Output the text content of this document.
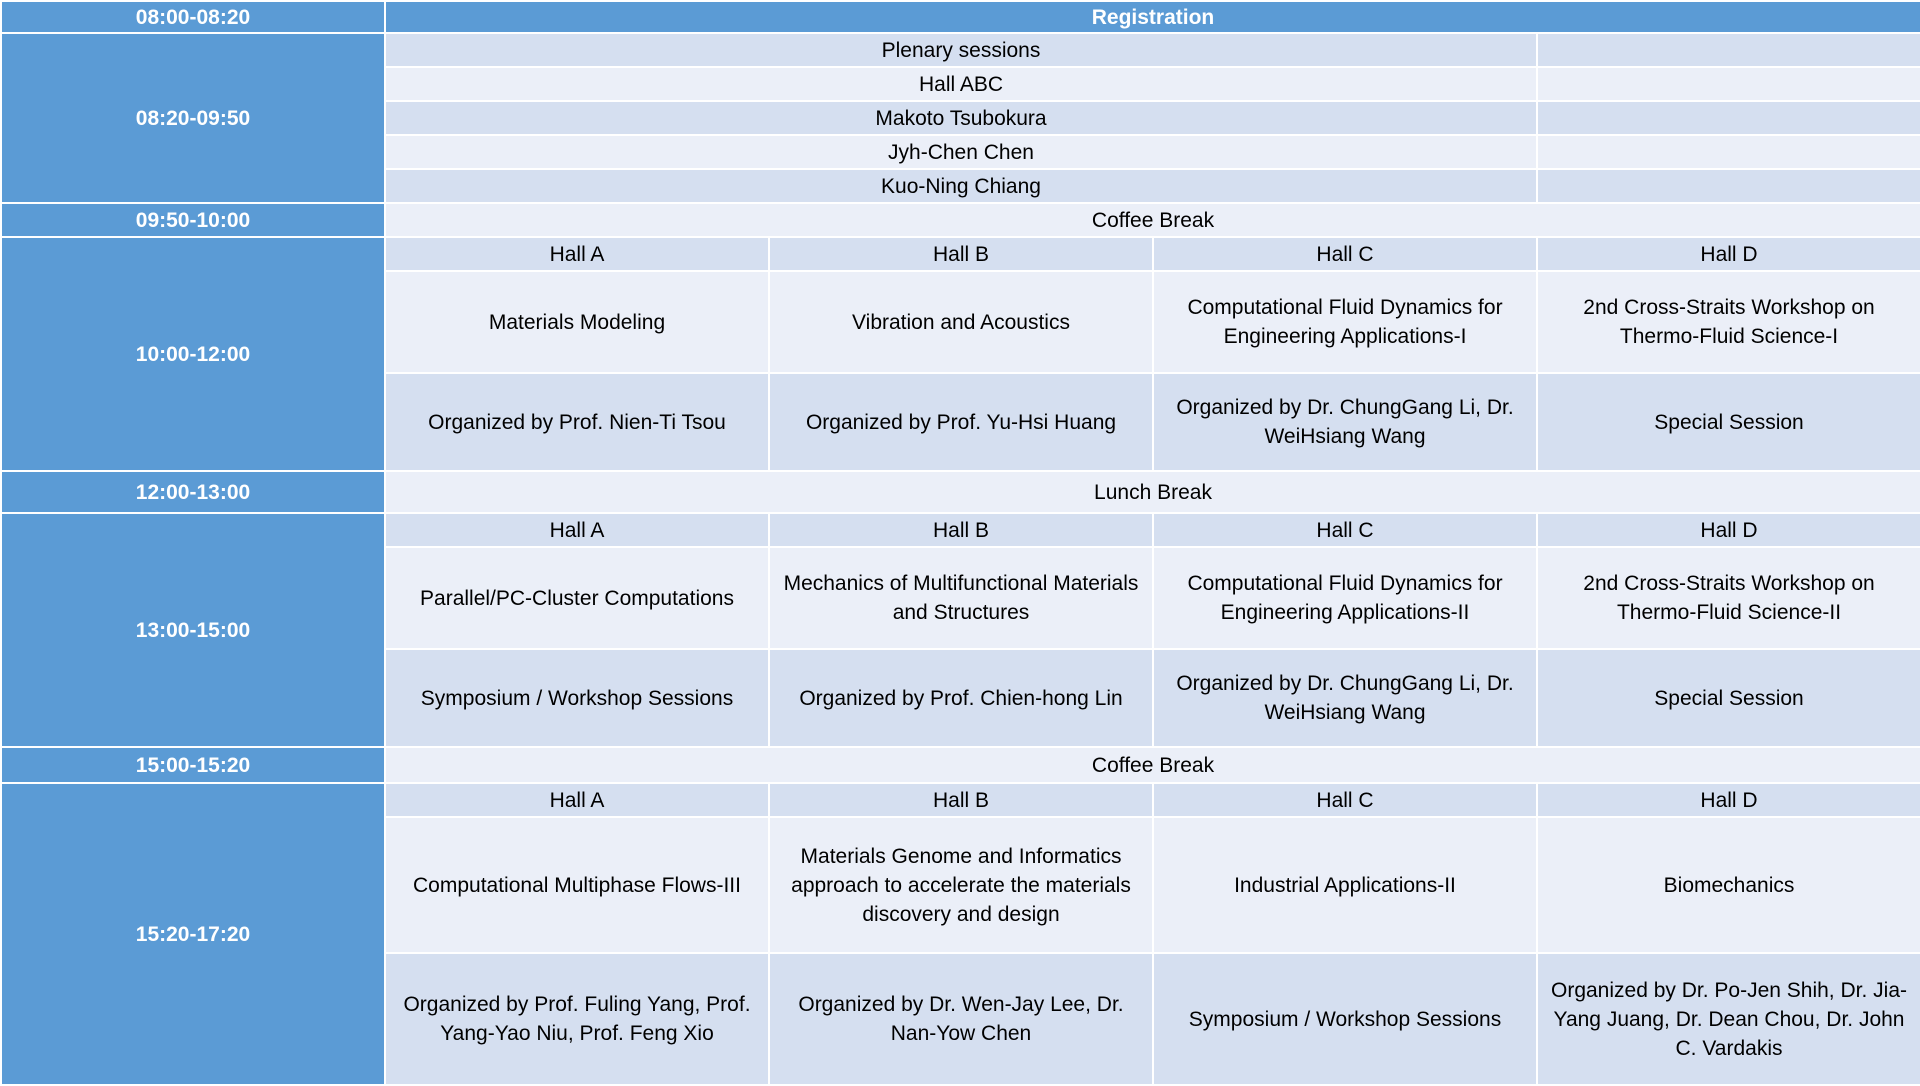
08:00-08:20	Registration			
08:20-09:50	Plenary sessions			
	Hall ABC			
	Makoto Tsubokura			
	Jyh-Chen Chen			
	Kuo-Ning Chiang			
09:50-10:00	Coffee Break			
10:00-12:00	Hall A	Hall B	Hall C	Hall D
	Materials Modeling	Vibration and Acoustics	Computational Fluid Dynamics for Engineering Applications-I	2nd Cross-Straits Workshop on Thermo-Fluid Science-I
	Organized by Prof. Nien-Ti Tsou	Organized by Prof. Yu-Hsi Huang	Organized by Dr. ChungGang Li, Dr. WeiHsiang Wang	Special Session
12:00-13:00	Lunch Break			
13:00-15:00	Hall A	Hall B	Hall C	Hall D
	Parallel/PC-Cluster Computations	Mechanics of Multifunctional Materials and Structures	Computational Fluid Dynamics for Engineering Applications-II	2nd Cross-Straits Workshop on Thermo-Fluid Science-II
	Symposium / Workshop Sessions	Organized by Prof. Chien-hong Lin	Organized by Dr. ChungGang Li, Dr. WeiHsiang Wang	Special Session
15:00-15:20	Coffee Break			
15:20-17:20	Hall A	Hall B	Hall C	Hall D
	Computational Multiphase Flows-III	Materials Genome and Informatics approach to accelerate the materials discovery and design	Industrial Applications-II	Biomechanics
	Organized by Prof. Fuling Yang, Prof. Yang-Yao Niu, Prof. Feng Xio	Organized by Dr. Wen-Jay Lee, Dr. Nan-Yow Chen	Symposium / Workshop Sessions	Organized by Dr. Po-Jen Shih, Dr. Jia-Yang Juang, Dr. Dean Chou, Dr. John C. Vardakis
